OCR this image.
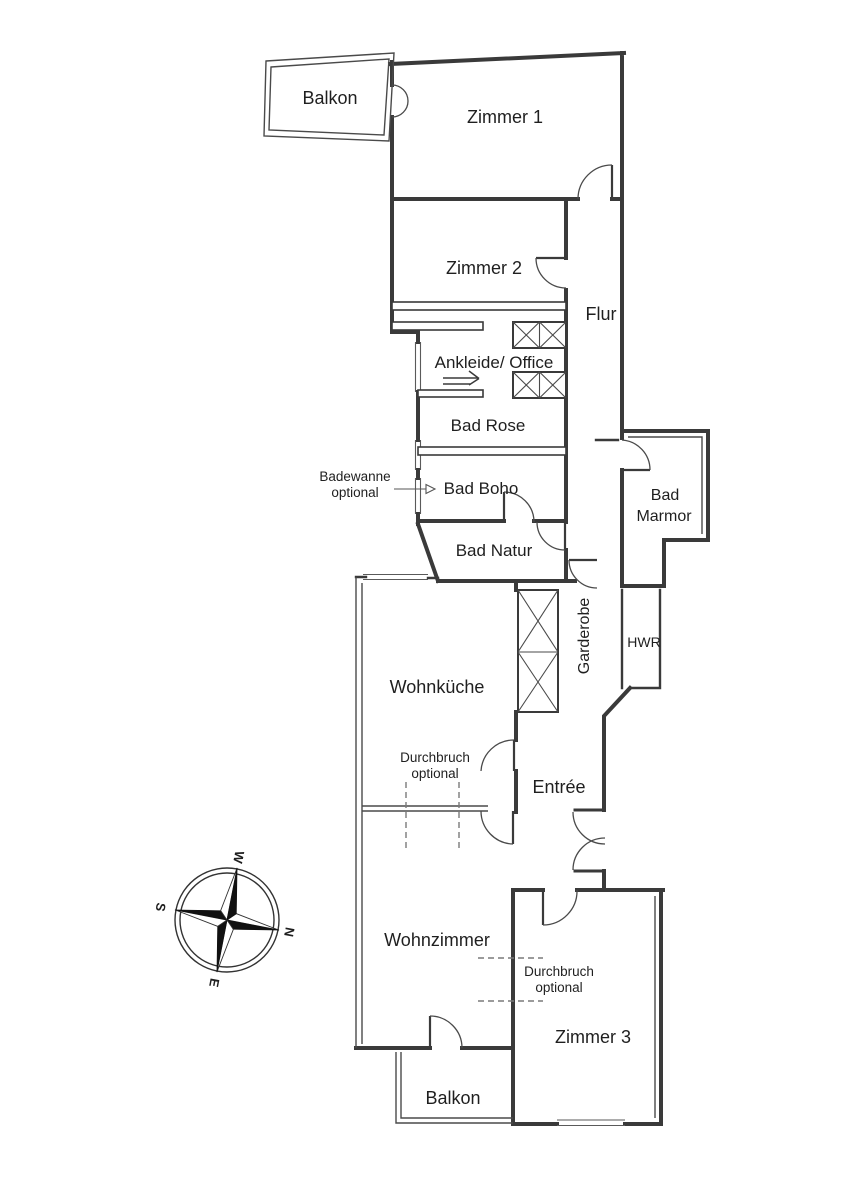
N
E
S
W
Balkon
Zimmer 1
Zimmer 2
Flur
Ankleide/ Office
Bad Rose
Bad Boho
Bad Natur
Bad
Marmor
Garderobe HWR
Wohnküche
Entrée
Wohnzimmer
Zimmer 3
Balkon
Badewanne
optional
Durchbruch
optional
Durchbruch
optional
